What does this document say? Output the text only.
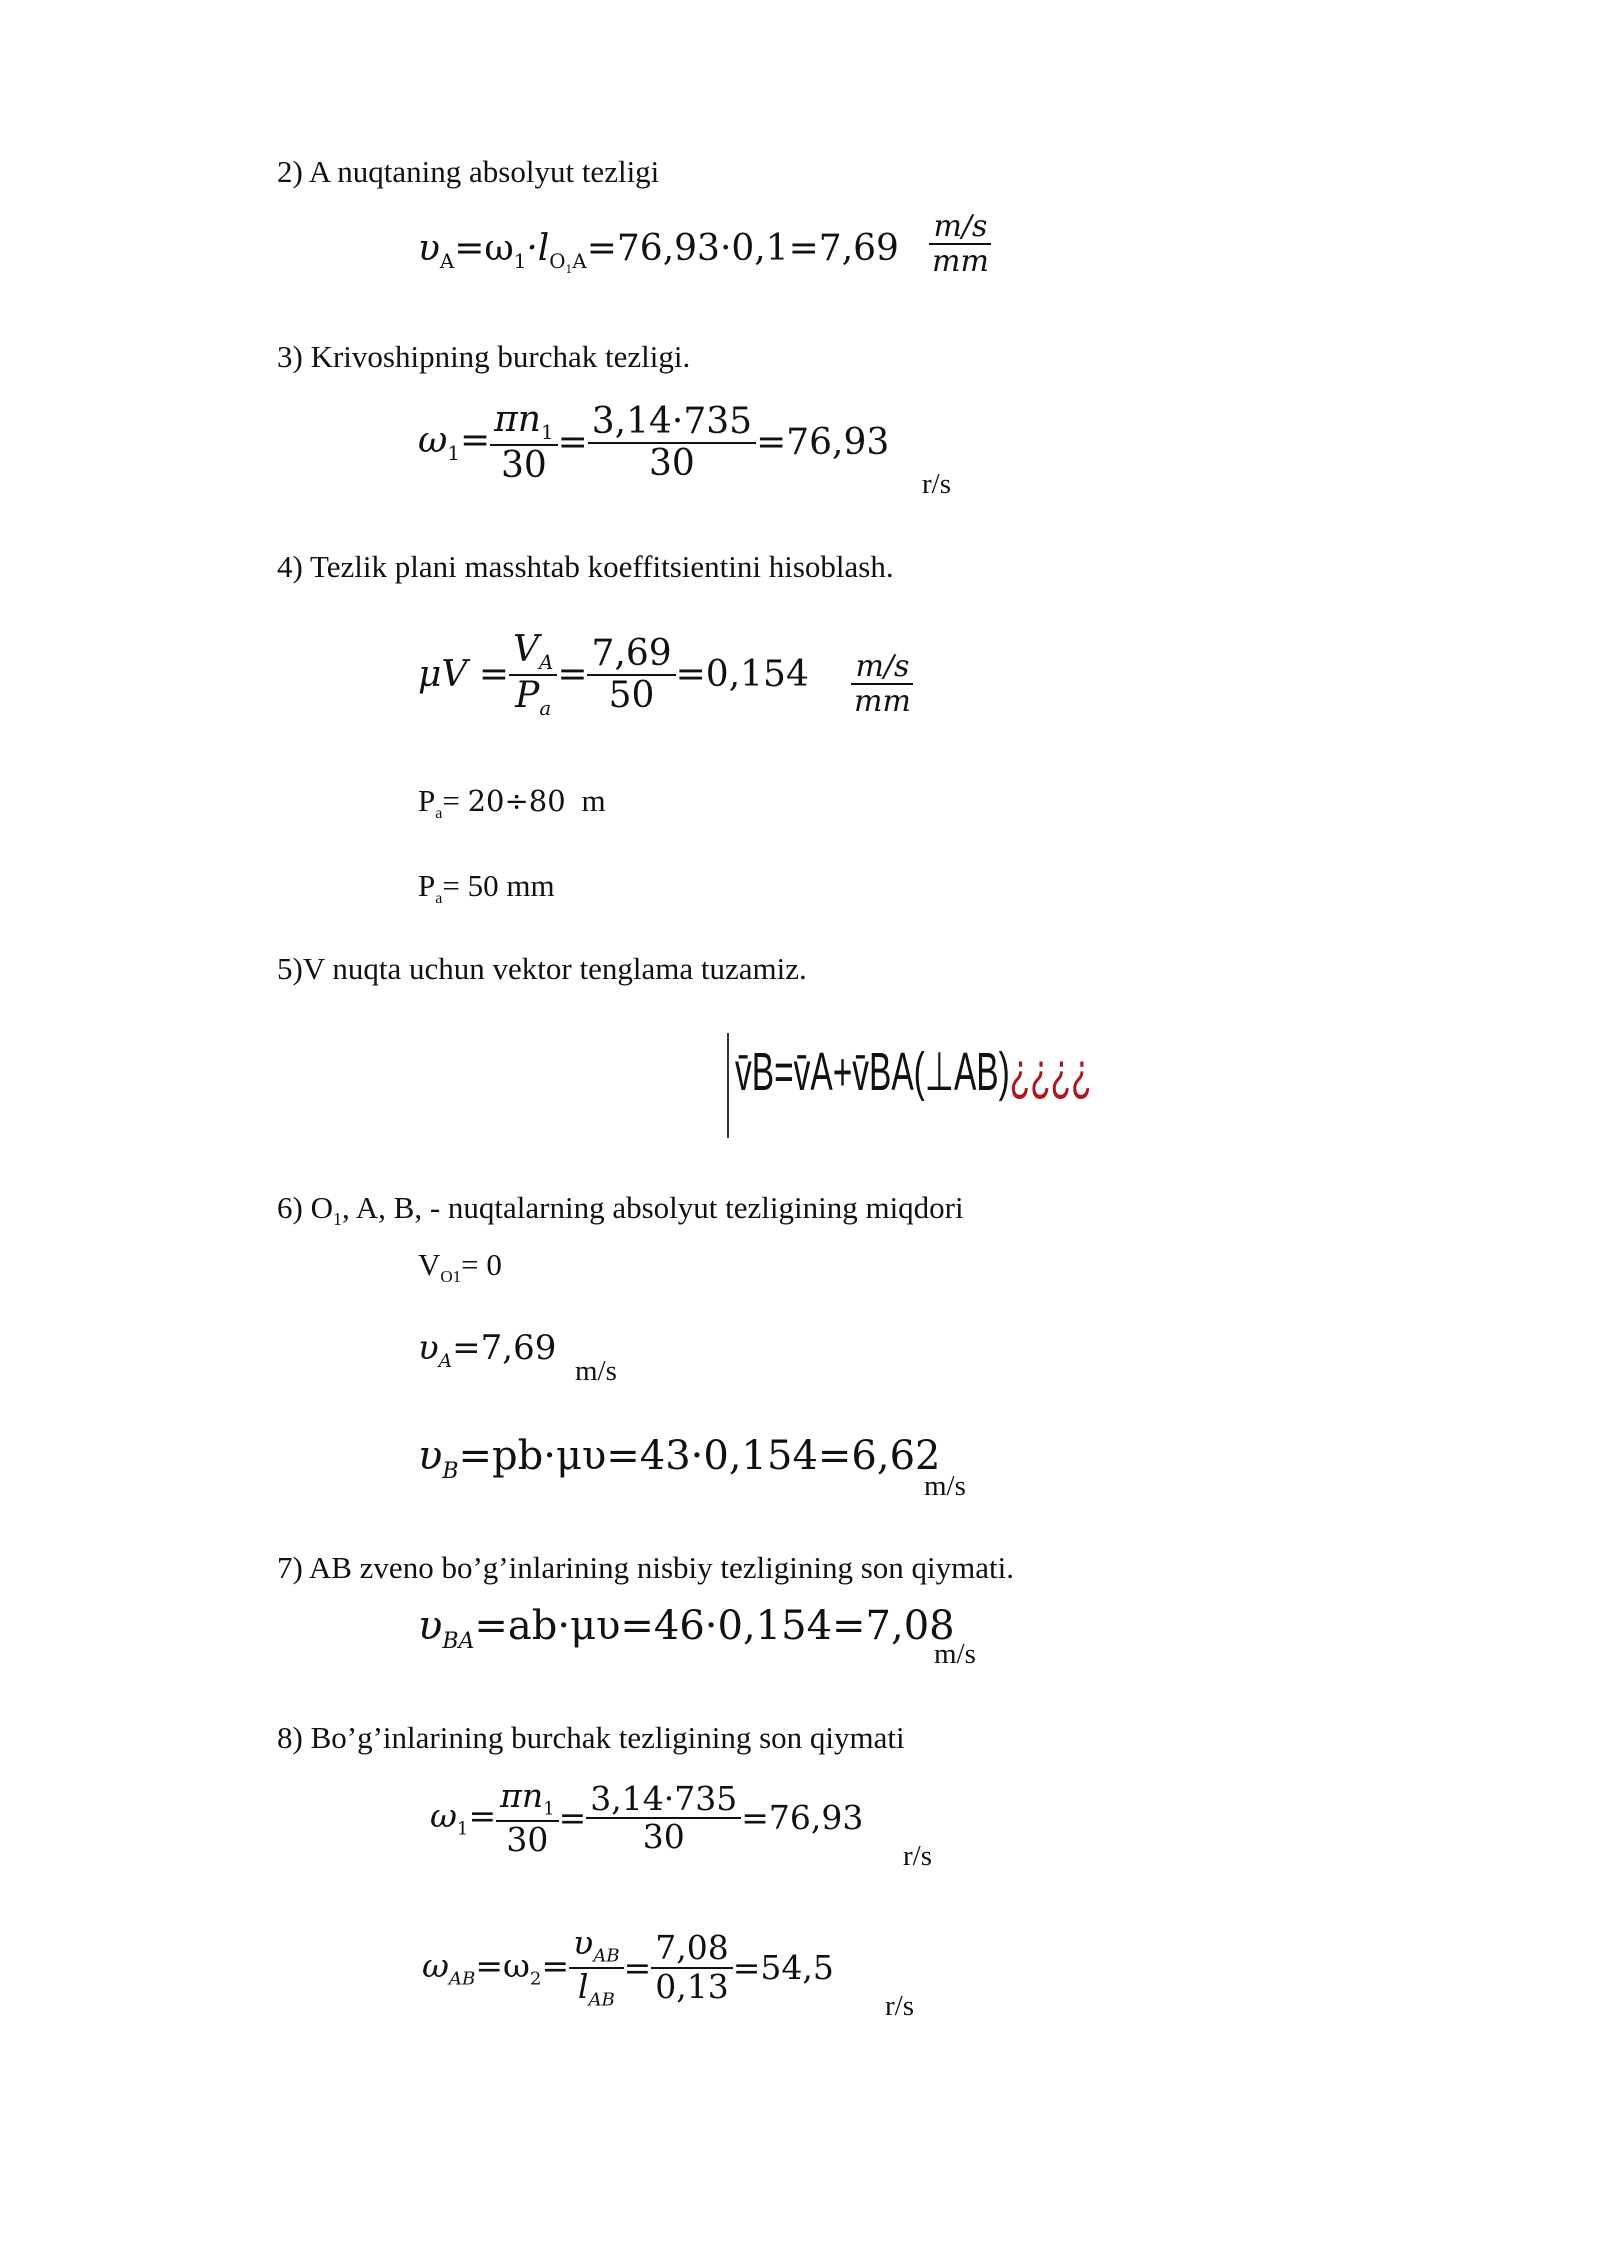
2) A nuqtaning absolyut tezligi
$\upsilon_A=\omega_1\cdot l_{O_1A}=76,93\cdot 0,1=7,69 \frac{m/s}{mm}$
3) Krivoshipning burchak tezligi.
$\omega_1= \frac{\pi n_1}{30} = \frac{3,14\cdot 735}{30} =76,93$
r/s
4) Tezlik plani masshtab koeffitsientini hisoblash.
$\mu V = \frac{V_A}{P_a} = \frac{7,69}{50} =0,154 \frac{m/s}{mm}$
$P_a= 20\div 80$ m
$P_a= 50$ mm
5)V nuqta uchun vektor tenglama tuzamiz.
v̄B=v̄A+v̄BA(⊥AB)¿¿¿¿
6) $O_1$, A, B, - nuqtalarning absolyut tezligining miqdori
$V_{O1}= 0$
$\upsilon_A=7,69$
m/s
$\upsilon_B=pb\cdot\mu\upsilon=43\cdot 0,154=6,62$
m/s
7) AB zveno bo’g’inlarining nisbiy tezligining son qiymati.
$\upsilon_{BA}=ab\cdot\mu\upsilon=46\cdot 0,154=7,08$
m/s
8) Bo’g’inlarining burchak tezligining son qiymati
$\omega_1= \frac{\pi n_1}{30} = \frac{3,14\cdot 735}{30} =76,93$
r/s
$\omega_{AB} =\omega_2= \frac{\upsilon_{AB}}{l_{AB}} = \frac{7,08}{0,13} =54,5$
r/s
